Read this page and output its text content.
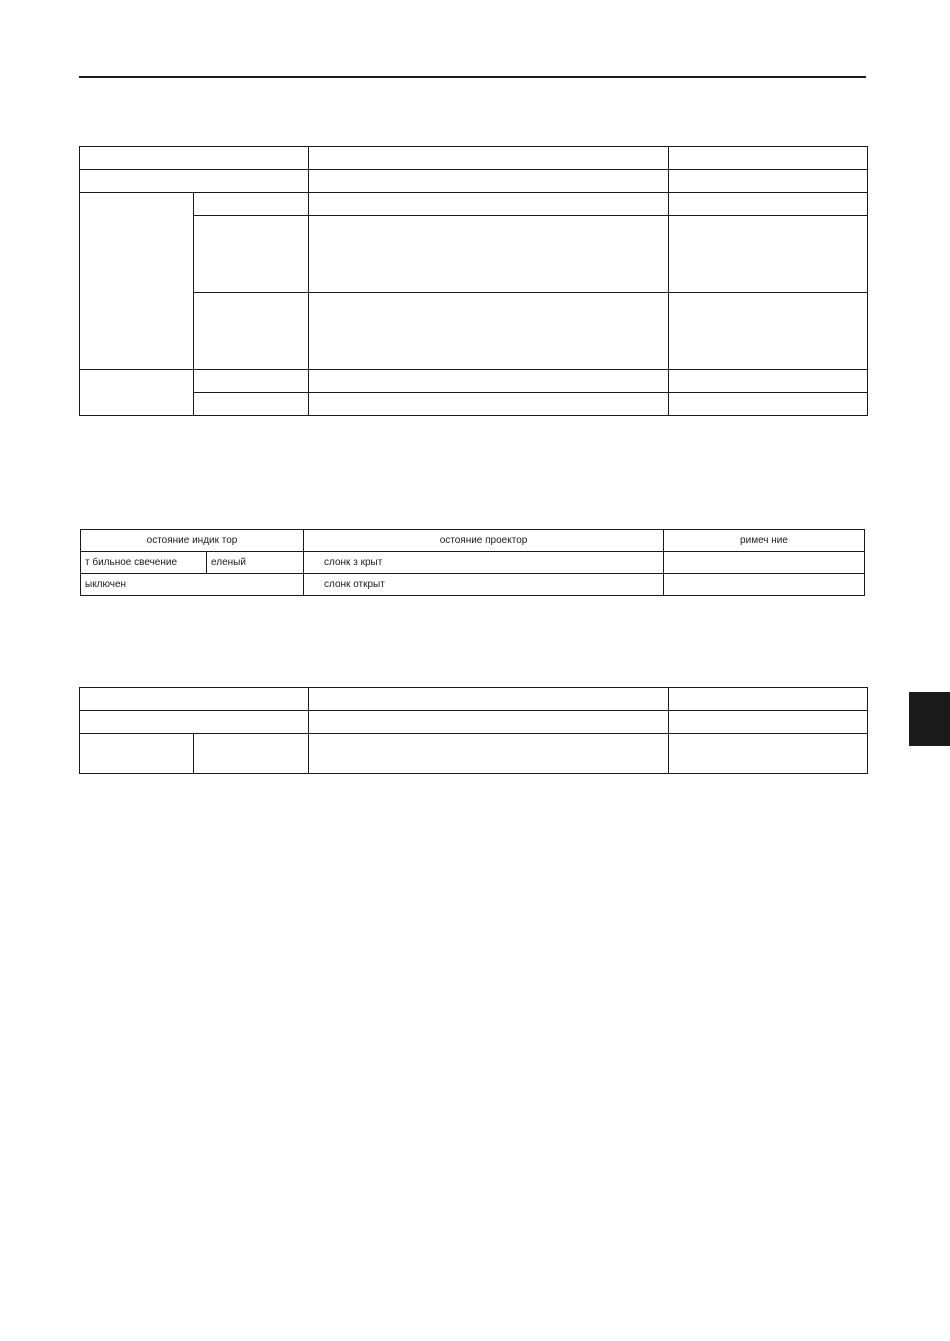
остояние индик тор		остояние проектор	римеч ние
т бильное свечение	еленый	слонк з крыт	
ыключен		слонк открыт	
